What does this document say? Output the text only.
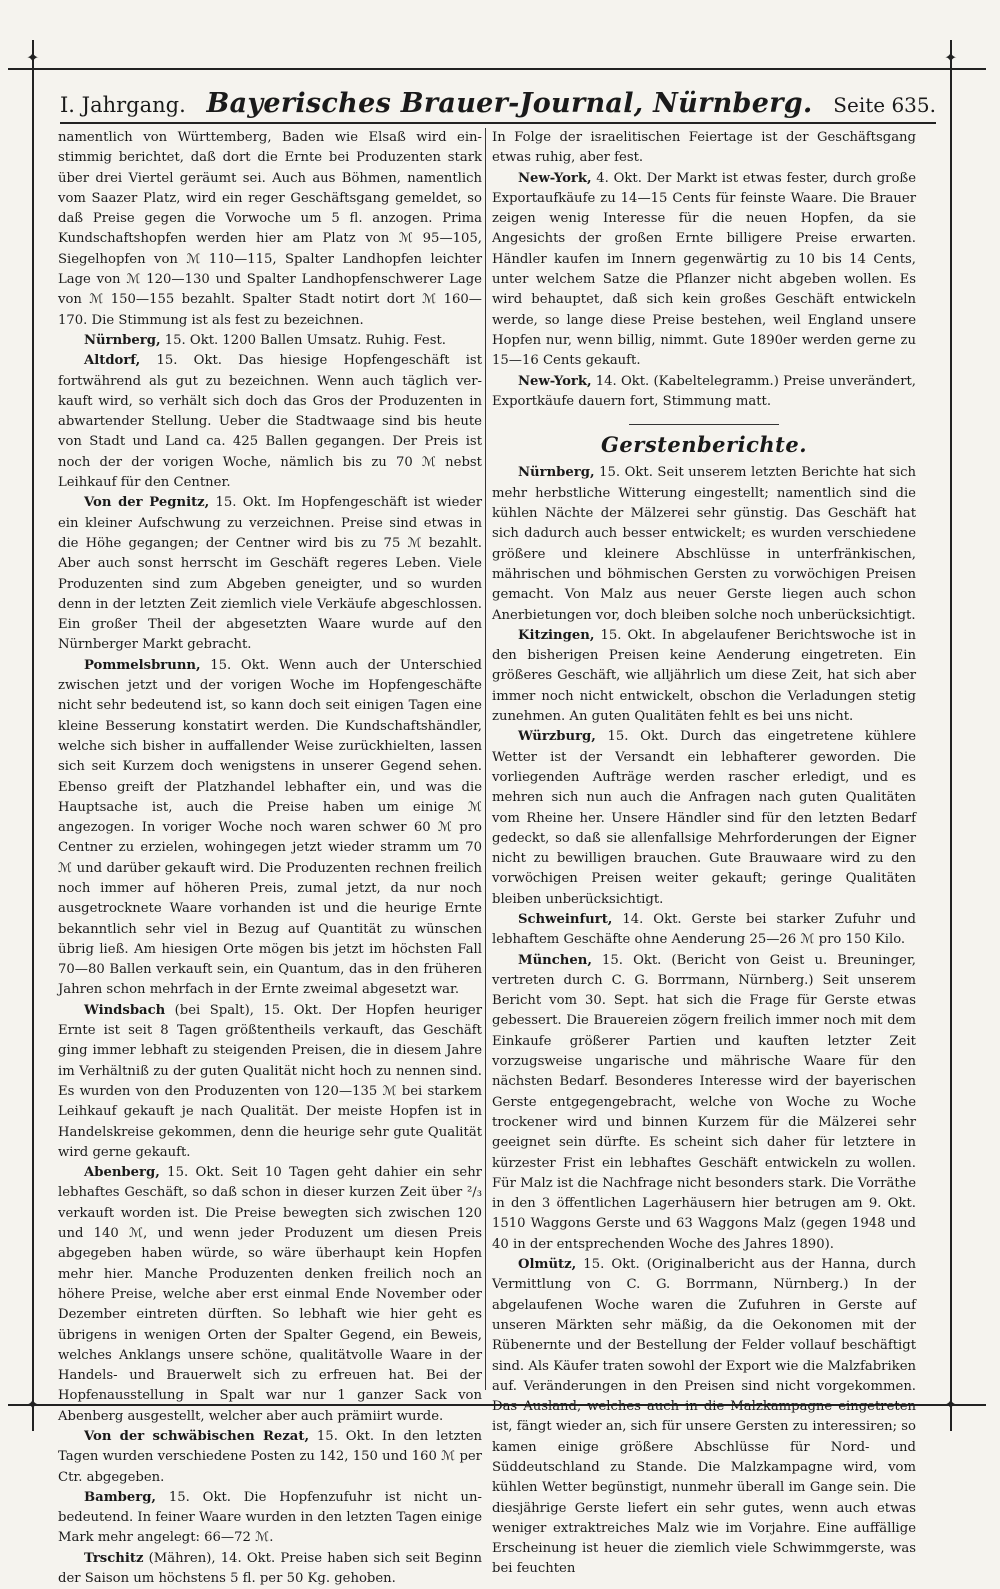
✦	✦
✦	✦
I. Jahrgang. Bayerisches Brauer-Journal, Nürnberg. Seite 635.

namentlich von Württemberg, Baden wie Elsaß wird einstimmig berichtet, daß dort die Ernte bei Produzenten stark über drei Viertel geräumt sei. Auch aus Böhmen, namentlich vom Saazer Platz, wird ein reger Geschäftsgang gemeldet, so daß Preise gegen die Vorwoche um 5 fl. anzogen. Prima Kundschaftshopfen werden hier am Platz von ℳ 95—105, Siegelhopfen von ℳ 110—115, Spalter Landhopfen leichter Lage von ℳ 120—130 und Spalter Landhopfenschwerer Lage von ℳ 150—155 bezahlt. Spalter Stadt notirt dort ℳ 160—170. Die Stimmung ist als fest zu bezeichnen.

Nürnberg, 15. Okt. 1200 Ballen Umsatz. Ruhig. Fest.

Altdorf, 15. Okt. Das hiesige Hopfengeschäft ist fortwährend als gut zu bezeichnen. Wenn auch täglich verkauft wird, so verhält sich doch das Gros der Produzenten in abwartender Stellung. Ueber die Stadtwaage sind bis heute von Stadt und Land ca. 425 Ballen gegangen. Der Preis ist noch der der vorigen Woche, nämlich bis zu 70 ℳ nebst Leihkauf für den Centner.

Von der Pegnitz, 15. Okt. Im Hopfengeschäft ist wieder ein kleiner Aufschwung zu verzeichnen. Preise sind etwas in die Höhe gegangen; der Centner wird bis zu 75 ℳ bezahlt. Aber auch sonst herrscht im Geschäft regeres Leben. Viele Produzenten sind zum Abgeben geneigter, und so wurden denn in der letzten Zeit ziemlich viele Verkäufe abgeschlossen. Ein großer Theil der abgesetzten Waare wurde auf den Nürnberger Markt gebracht.

Pommelsbrunn, 15. Okt. Wenn auch der Unterschied zwischen jetzt und der vorigen Woche im Hopfengeschäfte nicht sehr bedeutend ist, so kann doch seit einigen Tagen eine kleine Besserung konstatirt werden. Die Kundschaftshändler, welche sich bisher in auffallender Weise zurückhielten, lassen sich seit Kurzem doch wenigstens in unserer Gegend sehen. Ebenso greift der Platzhandel lebhafter ein, und was die Hauptsache ist, auch die Preise haben um einige ℳ angezogen. In voriger Woche noch waren schwer 60 ℳ pro Centner zu erzielen, wohingegen jetzt wieder stramm um 70 ℳ und darüber gekauft wird. Die Produzenten rechnen freilich noch immer auf höheren Preis, zumal jetzt, da nur noch ausgetrocknete Waare vorhanden ist und die heurige Ernte bekanntlich sehr viel in Bezug auf Quantität zu wünschen übrig ließ. Am hiesigen Orte mögen bis jetzt im höchsten Fall 70—80 Ballen verkauft sein, ein Quantum, das in den früheren Jahren schon mehrfach in der Ernte zweimal abgesetzt war.

Windsbach (bei Spalt), 15. Okt. Der Hopfen heuriger Ernte ist seit 8 Tagen größtentheils verkauft, das Geschäft ging immer lebhaft zu steigenden Preisen, die in diesem Jahre im Verhältniß zu der guten Qualität nicht hoch zu nennen sind. Es wurden von den Produzenten von 120—135 ℳ bei starkem Leihkauf gekauft je nach Qualität. Der meiste Hopfen ist in Handelskreise gekommen, denn die heurige sehr gute Qualität wird gerne gekauft.

Abenberg, 15. Okt. Seit 10 Tagen geht dahier ein sehr lebhaftes Geschäft, so daß schon in dieser kurzen Zeit über ²/₃ verkauft worden ist. Die Preise bewegten sich zwischen 120 und 140 ℳ, und wenn jeder Produzent um diesen Preis abgegeben haben würde, so wäre überhaupt kein Hopfen mehr hier. Manche Produzenten denken freilich noch an höhere Preise, welche aber erst einmal Ende November oder Dezember eintreten dürften. So lebhaft wie hier geht es übrigens in wenigen Orten der Spalter Gegend, ein Beweis, welches Anklangs unsere schöne, qualitätvolle Waare in der Handels- und Brauerwelt sich zu erfreuen hat. Bei der Hopfenausstellung in Spalt war nur 1 ganzer Sack von Abenberg ausgestellt, welcher aber auch prämiirt wurde.

Von der schwäbischen Rezat, 15. Okt. In den letzten Tagen wurden verschiedene Posten zu 142, 150 und 160 ℳ per Ctr. abgegeben.

Bamberg, 15. Okt. Die Hopfenzufuhr ist nicht unbedeutend. In feiner Waare wurden in den letzten Tagen einige Mark mehr angelegt: 66—72 ℳ.

Trschitz (Mähren), 14. Okt. Preise haben sich seit Beginn der Saison um höchstens 5 fl. per 50 Kg. gehoben.

In Folge der israelitischen Feiertage ist der Geschäftsgang etwas ruhig, aber fest.

New-York, 4. Okt. Der Markt ist etwas fester, durch große Exportaufkäufe zu 14—15 Cents für feinste Waare. Die Brauer zeigen wenig Interesse für die neuen Hopfen, da sie Angesichts der großen Ernte billigere Preise erwarten. Händler kaufen im Innern gegenwärtig zu 10 bis 14 Cents, unter welchem Satze die Pflanzer nicht abgeben wollen. Es wird behauptet, daß sich kein großes Geschäft entwickeln werde, so lange diese Preise bestehen, weil England unsere Hopfen nur, wenn billig, nimmt. Gute 1890er werden gerne zu 15—16 Cents gekauft.

New-York, 14. Okt. (Kabeltelegramm.) Preise unverändert, Exportkäufe dauern fort, Stimmung matt.

Gerstenberichte.

Nürnberg, 15. Okt. Seit unserem letzten Berichte hat sich mehr herbstliche Witterung eingestellt; namentlich sind die kühlen Nächte der Mälzerei sehr günstig. Das Geschäft hat sich dadurch auch besser entwickelt; es wurden verschiedene größere und kleinere Abschlüsse in unterfränkischen, mährischen und böhmischen Gersten zu vorwöchigen Preisen gemacht. Von Malz aus neuer Gerste liegen auch schon Anerbietungen vor, doch bleiben solche noch unberücksichtigt.

Kitzingen, 15. Okt. In abgelaufener Berichtswoche ist in den bisherigen Preisen keine Aenderung eingetreten. Ein größeres Geschäft, wie alljährlich um diese Zeit, hat sich aber immer noch nicht entwickelt, obschon die Verladungen stetig zunehmen. An guten Qualitäten fehlt es bei uns nicht.

Würzburg, 15. Okt. Durch das eingetretene kühlere Wetter ist der Versandt ein lebhafterer geworden. Die vorliegenden Aufträge werden rascher erledigt, und es mehren sich nun auch die Anfragen nach guten Qualitäten vom Rheine her. Unsere Händler sind für den letzten Bedarf gedeckt, so daß sie allenfallsige Mehrforderungen der Eigner nicht zu bewilligen brauchen. Gute Brauwaare wird zu den vorwöchigen Preisen weiter gekauft; geringe Qualitäten bleiben unberücksichtigt.

Schweinfurt, 14. Okt. Gerste bei starker Zufuhr und lebhaftem Geschäfte ohne Aenderung 25—26 ℳ pro 150 Kilo.

München, 15. Okt. (Bericht von Geist u. Breuninger, vertreten durch C. G. Borrmann, Nürnberg.) Seit unserem Bericht vom 30. Sept. hat sich die Frage für Gerste etwas gebessert. Die Brauereien zögern freilich immer noch mit dem Einkaufe größerer Partien und kauften letzter Zeit vorzugsweise ungarische und mährische Waare für den nächsten Bedarf. Besonderes Interesse wird der bayerischen Gerste entgegengebracht, welche von Woche zu Woche trockener wird und binnen Kurzem für die Mälzerei sehr geeignet sein dürfte. Es scheint sich daher für letztere in kürzester Frist ein lebhaftes Geschäft entwickeln zu wollen. Für Malz ist die Nachfrage nicht besonders stark. Die Vorräthe in den 3 öffentlichen Lagerhäusern hier betrugen am 9. Okt. 1510 Waggons Gerste und 63 Waggons Malz (gegen 1948 und 40 in der entsprechenden Woche des Jahres 1890).

Olmütz, 15. Okt. (Originalbericht aus der Hanna, durch Vermittlung von C. G. Borrmann, Nürnberg.) In der abgelaufenen Woche waren die Zufuhren in Gerste auf unseren Märkten sehr mäßig, da die Oekonomen mit der Rübenernte und der Bestellung der Felder vollauf beschäftigt sind. Als Käufer traten sowohl der Export wie die Malzfabriken auf. Veränderungen in den Preisen sind nicht vorgekommen. Das Ausland, welches auch in die Malzkampagne eingetreten ist, fängt wieder an, sich für unsere Gersten zu interessiren; so kamen einige größere Abschlüsse für Nord- und Süddeutschland zu Stande. Die Malzkampagne wird, vom kühlen Wetter begünstigt, nunmehr überall im Gange sein. Die diesjährige Gerste liefert ein sehr gutes, wenn auch etwas weniger extraktreiches Malz wie im Vorjahre. Eine auffällige Erscheinung ist heuer die ziemlich viele Schwimmgerste, was bei feuchten
